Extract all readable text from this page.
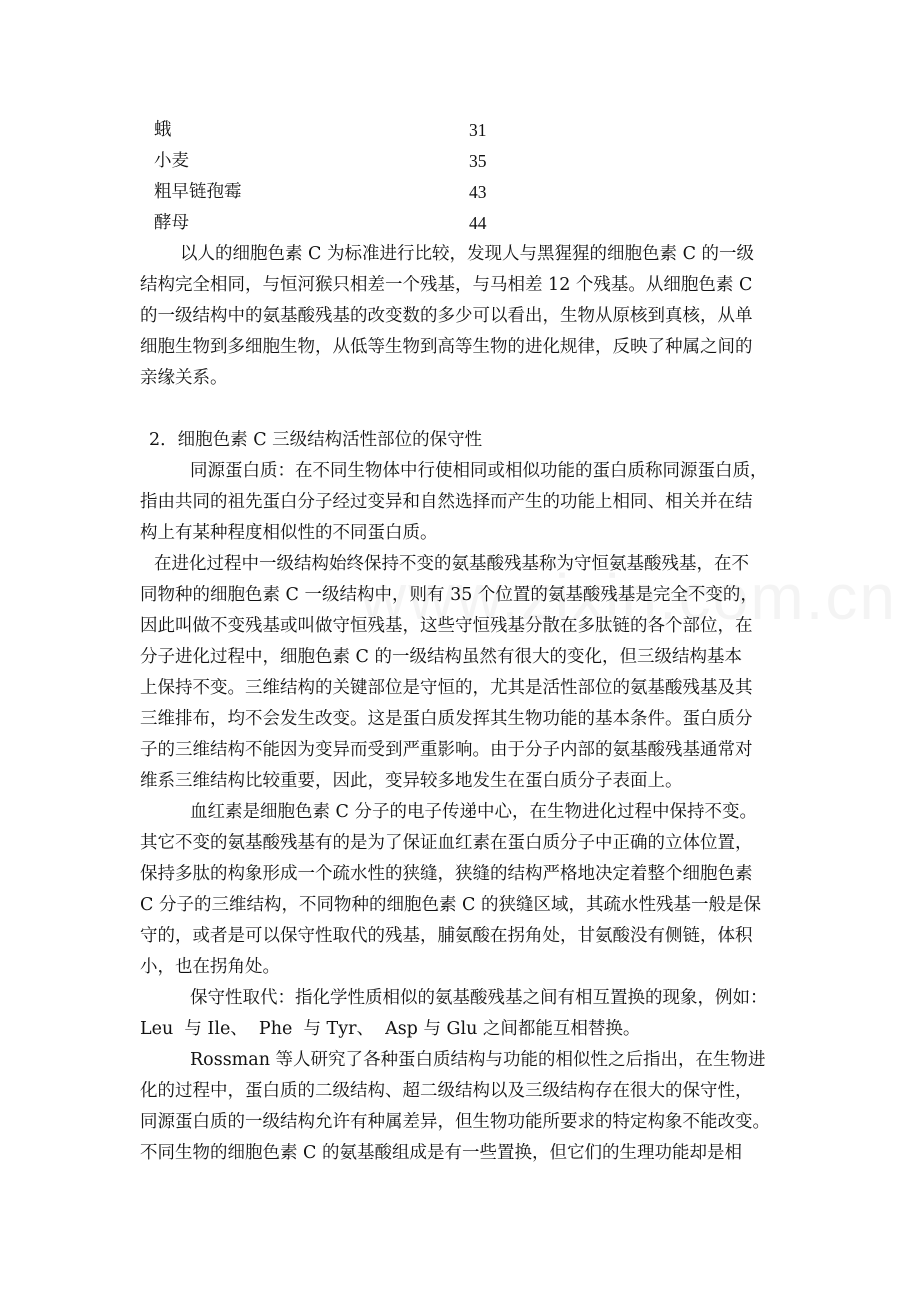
蛾	31
小麦	35
粗早链孢霉	43
酵母	44
以人的细胞色素 C 为标准进行比较，发现人与黑猩猩的细胞色素 C 的一级
结构完全相同，与恒河猴只相差一个残基，与马相差 12 个残基。从细胞色素 C
的一级结构中的氨基酸残基的改变数的多少可以看出，生物从原核到真核，从单
细胞生物到多细胞生物，从低等生物到高等生物的进化规律，反映了种属之间的
亲缘关系。
2．细胞色素 C 三级结构活性部位的保守性
同源蛋白质：在不同生物体中行使相同或相似功能的蛋白质称同源蛋白质，
指由共同的祖先蛋白分子经过变异和自然选择而产生的功能上相同、相关并在结
构上有某种程度相似性的不同蛋白质。
在进化过程中一级结构始终保持不变的氨基酸残基称为守恒氨基酸残基，在不
同物种的细胞色素 C 一级结构中，则有 35 个位置的氨基酸残基是完全不变的，
因此叫做不变残基或叫做守恒残基，这些守恒残基分散在多肽链的各个部位，在
分子进化过程中，细胞色素 C 的一级结构虽然有很大的变化，但三级结构基本
上保持不变。三维结构的关键部位是守恒的，尤其是活性部位的氨基酸残基及其
三维排布，均不会发生改变。这是蛋白质发挥其生物功能的基本条件。蛋白质分
子的三维结构不能因为变异而受到严重影响。由于分子内部的氨基酸残基通常对
维系三维结构比较重要，因此，变异较多地发生在蛋白质分子表面上。
血红素是细胞色素 C 分子的电子传递中心，在生物进化过程中保持不变。
其它不变的氨基酸残基有的是为了保证血红素在蛋白质分子中正确的立体位置，
保持多肽的构象形成一个疏水性的狭缝，狭缝的结构严格地决定着整个细胞色素
C 分子的三维结构，不同物种的细胞色素 C 的狭缝区域，其疏水性残基一般是保
守的，或者是可以保守性取代的残基，脯氨酸在拐角处，甘氨酸没有侧链，体积
小，也在拐角处。
保守性取代：指化学性质相似的氨基酸残基之间有相互置换的现象，例如：
Leu  与 Ile、  Phe  与 Tyr、  Asp 与 Glu 之间都能互相替换。
Rossman 等人研究了各种蛋白质结构与功能的相似性之后指出，在生物进
化的过程中，蛋白质的二级结构、超二级结构以及三级结构存在很大的保守性，
同源蛋白质的一级结构允许有种属差异，但生物功能所要求的特定构象不能改变。
不同生物的细胞色素 C 的氨基酸组成是有一些置换，但它们的生理功能却是相
